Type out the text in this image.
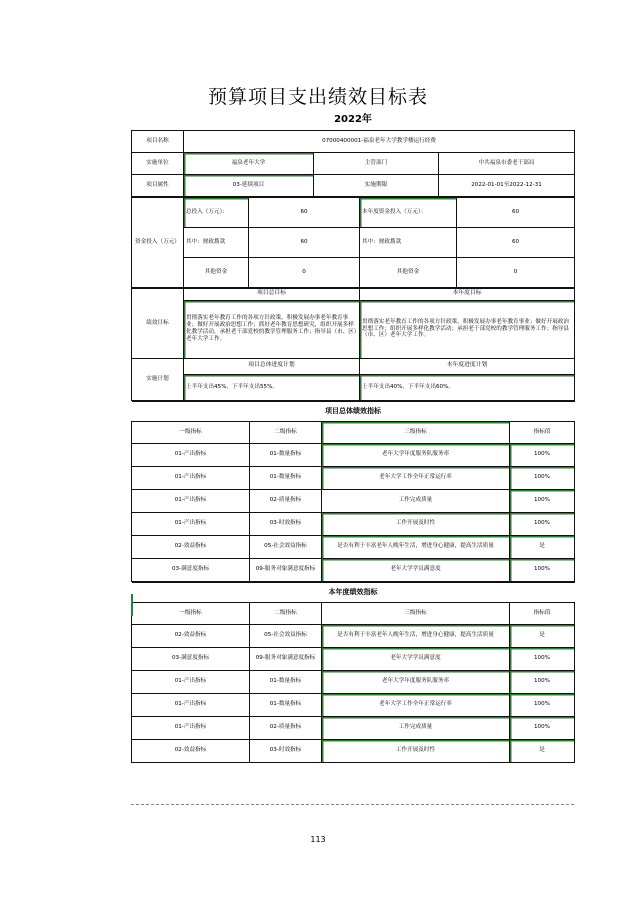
预算项目支出绩效目标表
2022年			
项目名称	07000400001-福泉老年大学教学楼运行经费		
实施单位	福泉老年大学	主管部门	中共福泉市委老干部局
项目属性	03-延续项目	实施期限	2022-01-01至2022-12-31
资金投入（万元）	总投入（万元）：	60	本年度资金投入（万元）：	60
	其中：财政拨款	60	其中：财政拨款	60
	其他资金	0	其他资金	0
绩效目标	项目总目标	本年度目标
	贯彻落实老年教育工作的各项方针政策，积极发展办事老年教育事业；做好开展政治思想工作；抓好老年教育思想研究，组织开展多样化教学活动，承担老干部党校的教学管理服务工作；指导县（市、区）老年大学工作。	贯彻落实老年教育工作的各项方针政策，积极发展办事老年教育事业；做好开展政治思想工作；组织开展多样化教学活动；承担老干部党校的教学管理服务工作；指导县（市、区）老年大学工作。
实施计划	项目总体进度计划	本年度进度计划
	上半年支出45%，下半年支出55%。	上半年支出40%，下半年支出60%。
项目总体绩效指标			
一级指标	二级指标	三级指标	指标值
01-产出指标	01-数量指标	老年大学年度服务队服务率	100%
01-产出指标	01-数量指标	老年大学工作全年正常运行率	100%
01-产出指标	02-质量指标	工作完成质量	100%
01-产出指标	03-时效指标	工作开展及时性	100%
02-效益指标	05-社会效益指标	是否有利于丰富老年人晚年生活，增进身心健康，提高生活质量	是
03-满意度指标	09-服务对象满意度指标	老年大学学员满意度	100%
本年度绩效指标			
一级指标	二级指标	三级指标	指标值
02-效益指标	05-社会效益指标	是否有利于丰富老年人晚年生活，增进身心健康，提高生活质量	是
03-满意度指标	09-服务对象满意度指标	老年大学学员满意度	100%
01-产出指标	01-数量指标	老年大学年度服务队服务率	100%
01-产出指标	01-数量指标	老年大学工作全年正常运行率	100%
01-产出指标	02-质量指标	工作完成质量	100%
02-效益指标	03-时效指标	工作开展及时性	是
113
